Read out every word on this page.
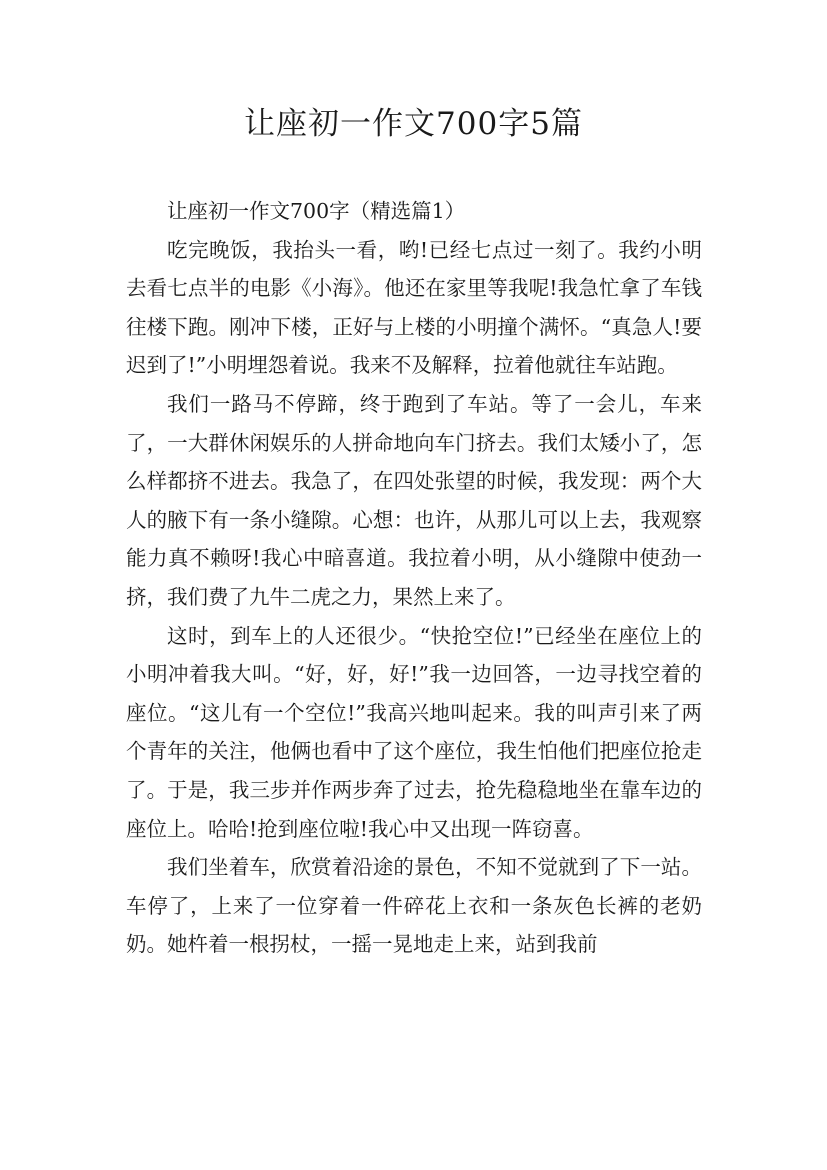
让座初一作文700字5篇

让座初一作文700字（精选篇1）

吃完晚饭，我抬头一看，哟!已经七点过一刻了。我约小明去看七点半的电影《小海》。他还在家里等我呢!我急忙拿了车钱往楼下跑。刚冲下楼，正好与上楼的小明撞个满怀。“真急人!要迟到了!”小明埋怨着说。我来不及解释，拉着他就往车站跑。

我们一路马不停蹄，终于跑到了车站。等了一会儿，车来了，一大群休闲娱乐的人拼命地向车门挤去。我们太矮小了，怎么样都挤不进去。我急了，在四处张望的时候，我发现：两个大人的腋下有一条小缝隙。心想：也许，从那儿可以上去，我观察能力真不赖呀!我心中暗喜道。我拉着小明，从小缝隙中使劲一挤，我们费了九牛二虎之力，果然上来了。

这时，到车上的人还很少。“快抢空位!”已经坐在座位上的小明冲着我大叫。“好，好，好!”我一边回答，一边寻找空着的座位。“这儿有一个空位!”我高兴地叫起来。我的叫声引来了两个青年的关注，他俩也看中了这个座位，我生怕他们把座位抢走了。于是，我三步并作两步奔了过去，抢先稳稳地坐在靠车边的座位上。哈哈!抢到座位啦!我心中又出现一阵窃喜。

我们坐着车，欣赏着沿途的景色，不知不觉就到了下一站。车停了，上来了一位穿着一件碎花上衣和一条灰色长裤的老奶奶。她杵着一根拐杖，一摇一晃地走上来，站到我前
